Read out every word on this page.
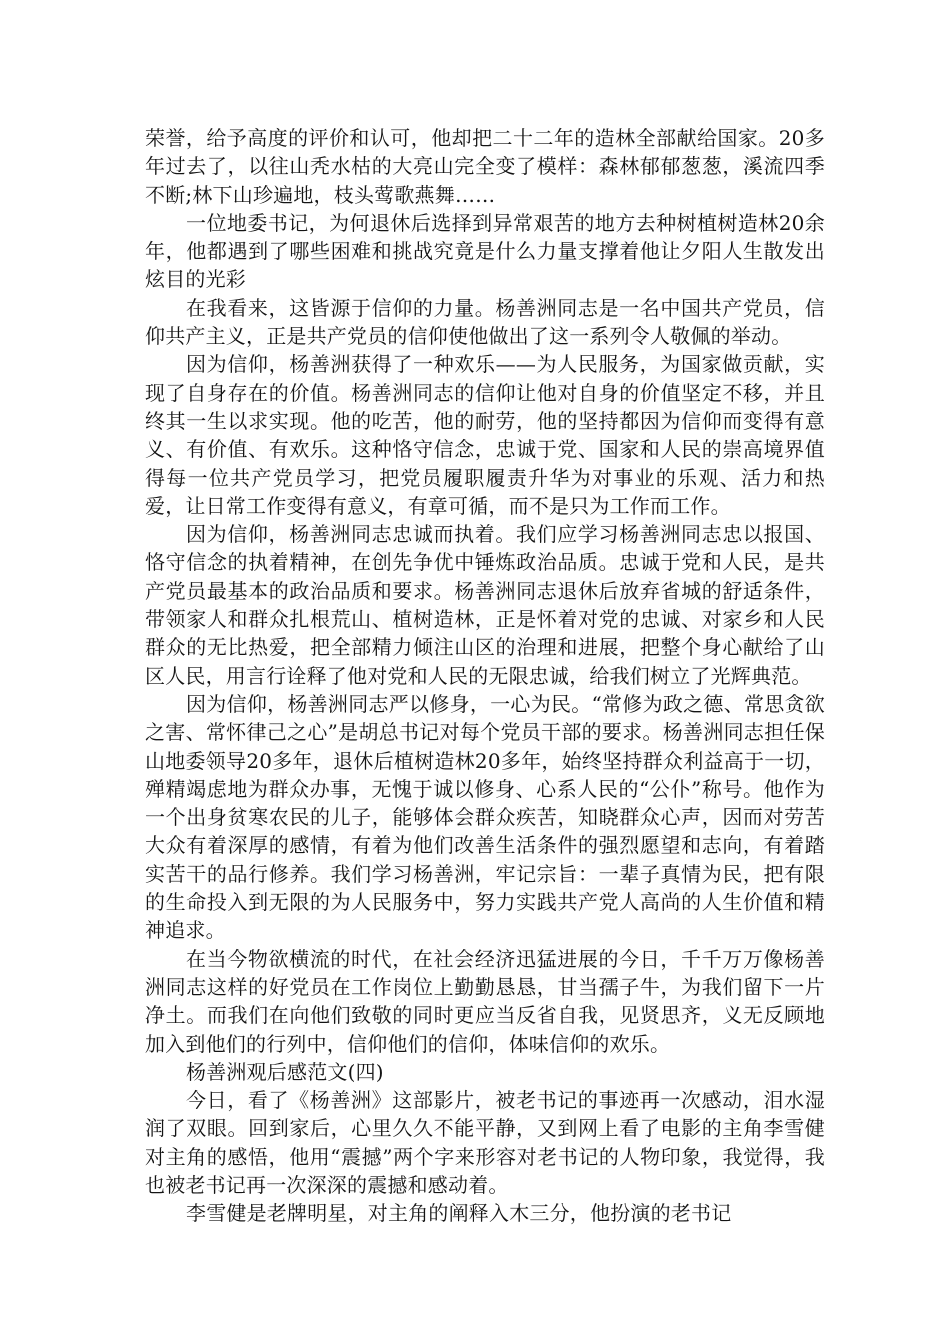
荣誉，给予高度的评价和认可，他却把二十二年的造林全部献给国家。20多年过去了，以往山秃水枯的大亮山完全变了模样：森林郁郁葱葱，溪流四季不断;林下山珍遍地，枝头莺歌燕舞……

一位地委书记，为何退休后选择到异常艰苦的地方去种树植树造林20余年，他都遇到了哪些困难和挑战究竟是什么力量支撑着他让夕阳人生散发出炫目的光彩

在我看来，这皆源于信仰的力量。杨善洲同志是一名中国共产党员，信仰共产主义，正是共产党员的信仰使他做出了这一系列令人敬佩的举动。

因为信仰，杨善洲获得了一种欢乐——为人民服务，为国家做贡献，实现了自身存在的价值。杨善洲同志的信仰让他对自身的价值坚定不移，并且终其一生以求实现。他的吃苦，他的耐劳，他的坚持都因为信仰而变得有意义、有价值、有欢乐。这种恪守信念，忠诚于党、国家和人民的崇高境界值得每一位共产党员学习，把党员履职履责升华为对事业的乐观、活力和热爱，让日常工作变得有意义，有章可循，而不是只为工作而工作。

因为信仰，杨善洲同志忠诚而执着。我们应学习杨善洲同志忠以报国、恪守信念的执着精神，在创先争优中锤炼政治品质。忠诚于党和人民，是共产党员最基本的政治品质和要求。杨善洲同志退休后放弃省城的舒适条件，带领家人和群众扎根荒山、植树造林，正是怀着对党的忠诚、对家乡和人民群众的无比热爱，把全部精力倾注山区的治理和进展，把整个身心献给了山区人民，用言行诠释了他对党和人民的无限忠诚，给我们树立了光辉典范。

因为信仰，杨善洲同志严以修身，一心为民。“常修为政之德、常思贪欲之害、常怀律己之心”是胡总书记对每个党员干部的要求。杨善洲同志担任保山地委领导20多年，退休后植树造林20多年，始终坚持群众利益高于一切，殚精竭虑地为群众办事，无愧于诚以修身、心系人民的“公仆”称号。他作为一个出身贫寒农民的儿子，能够体会群众疾苦，知晓群众心声，因而对劳苦大众有着深厚的感情，有着为他们改善生活条件的强烈愿望和志向，有着踏实苦干的品行修养。我们学习杨善洲，牢记宗旨：一辈子真情为民，把有限的生命投入到无限的为人民服务中，努力实践共产党人高尚的人生价值和精神追求。

在当今物欲横流的时代，在社会经济迅猛进展的今日，千千万万像杨善洲同志这样的好党员在工作岗位上勤勤恳恳，甘当孺子牛，为我们留下一片净土。而我们在向他们致敬的同时更应当反省自我，见贤思齐，义无反顾地加入到他们的行列中，信仰他们的信仰，体味信仰的欢乐。

杨善洲观后感范文(四)

今日，看了《杨善洲》这部影片，被老书记的事迹再一次感动，泪水湿润了双眼。回到家后，心里久久不能平静，又到网上看了电影的主角李雪健对主角的感悟，他用“震撼”两个字来形容对老书记的人物印象，我觉得，我也被老书记再一次深深的震撼和感动着。

李雪健是老牌明星，对主角的阐释入木三分，他扮演的老书记
